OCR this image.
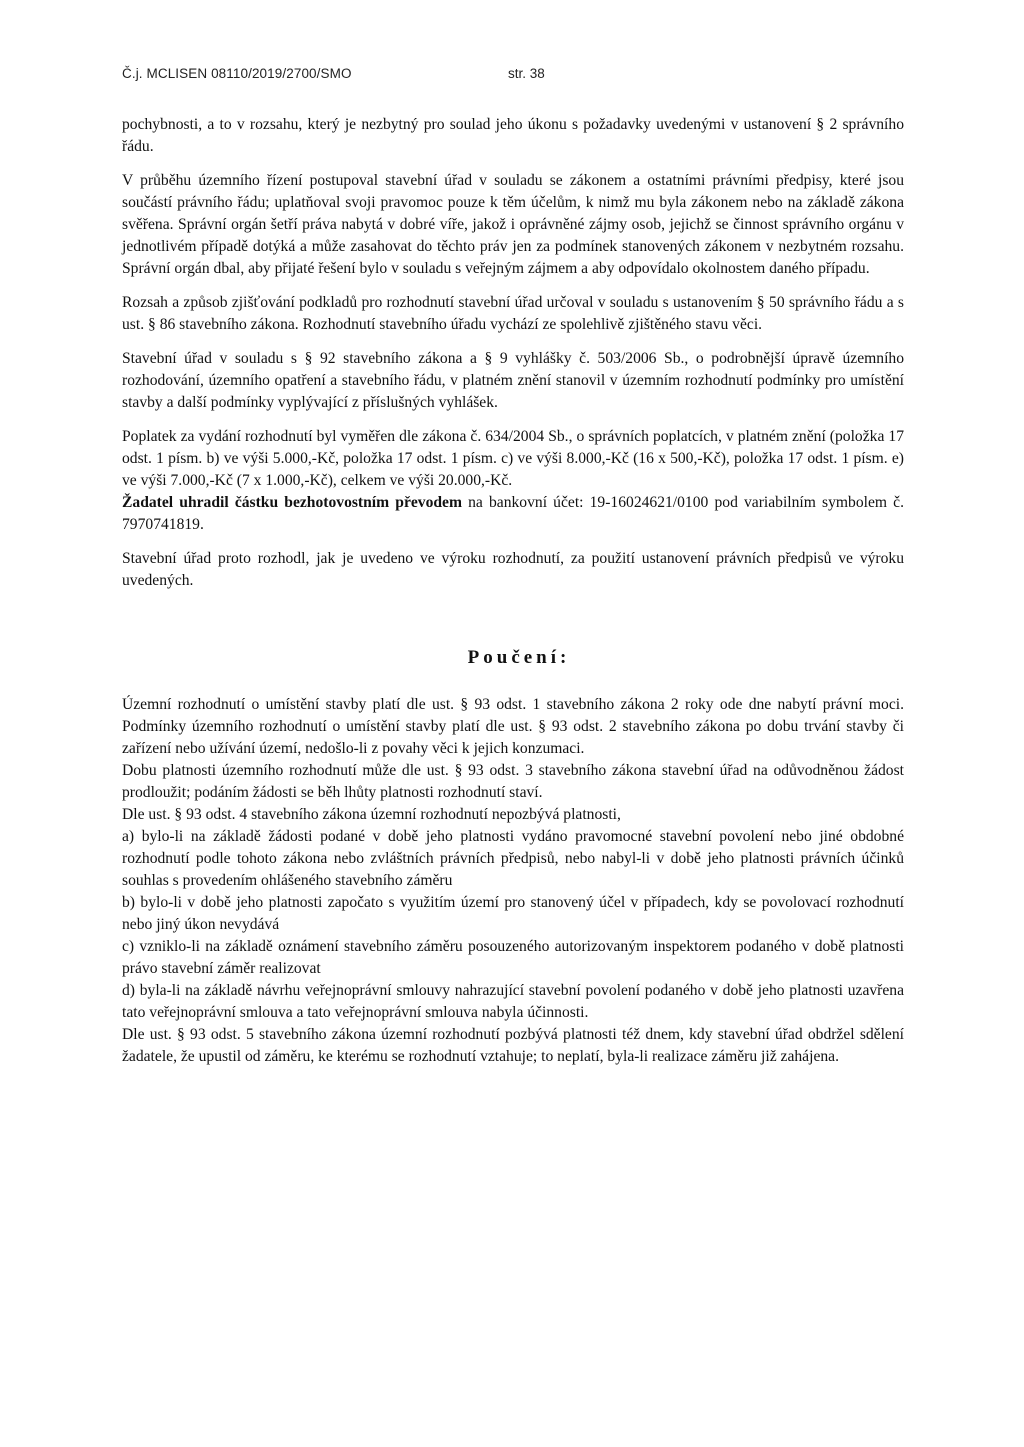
Č.j. MCLISEN 08110/2019/2700/SMO	str. 38

pochybnosti, a to v rozsahu, který je nezbytný pro soulad jeho úkonu s požadavky uvedenými v ustanovení § 2 správního řádu.

V průběhu územního řízení postupoval stavební úřad v souladu se zákonem a ostatními právními předpisy, které jsou součástí právního řádu; uplatňoval svoji pravomoc pouze k těm účelům, k nimž mu byla zákonem nebo na základě zákona svěřena. Správní orgán šetří práva nabytá v dobré víře, jakož i oprávněné zájmy osob, jejichž se činnost správního orgánu v jednotlivém případě dotýká a může zasahovat do těchto práv jen za podmínek stanovených zákonem v nezbytném rozsahu. Správní orgán dbal, aby přijaté řešení bylo v souladu s veřejným zájmem a aby odpovídalo okolnostem daného případu.

Rozsah a způsob zjišťování podkladů pro rozhodnutí stavební úřad určoval v souladu s ustanovením § 50 správního řádu a s ust. § 86 stavebního zákona. Rozhodnutí stavebního úřadu vychází ze spolehlivě zjištěného stavu věci.

Stavební úřad v souladu s § 92 stavebního zákona a § 9 vyhlášky č. 503/2006 Sb., o podrobnější úpravě územního rozhodování, územního opatření a stavebního řádu, v platném znění stanovil v územním rozhodnutí podmínky pro umístění stavby a další podmínky vyplývající z příslušných vyhlášek.

Poplatek za vydání rozhodnutí byl vyměřen dle zákona č. 634/2004 Sb., o správních poplatcích, v platném znění (položka 17 odst. 1 písm. b) ve výši 5.000,-Kč, položka 17 odst. 1 písm. c) ve výši 8.000,-Kč (16 x 500,-Kč), položka 17 odst. 1 písm. e) ve výši 7.000,-Kč (7 x 1.000,-Kč), celkem ve výši 20.000,-Kč.

Žadatel uhradil částku bezhotovostním převodem na bankovní účet: 19-16024621/0100 pod variabilním symbolem č. 7970741819.

Stavební úřad proto rozhodl, jak je uvedeno ve výroku rozhodnutí, za použití ustanovení právních předpisů ve výroku uvedených.

Poučení:

Územní rozhodnutí o umístění stavby platí dle ust. § 93 odst. 1 stavebního zákona 2 roky ode dne nabytí právní moci. Podmínky územního rozhodnutí o umístění stavby platí dle ust. § 93 odst. 2 stavebního zákona po dobu trvání stavby či zařízení nebo užívání území, nedošlo-li z povahy věci k jejich konzumaci.

Dobu platnosti územního rozhodnutí může dle ust. § 93 odst. 3 stavebního zákona stavební úřad na odůvodněnou žádost prodloužit; podáním žádosti se běh lhůty platnosti rozhodnutí staví.

Dle ust. § 93 odst. 4 stavebního zákona územní rozhodnutí nepozbývá platnosti,

a) bylo-li na základě žádosti podané v době jeho platnosti vydáno pravomocné stavební povolení nebo jiné obdobné rozhodnutí podle tohoto zákona nebo zvláštních právních předpisů, nebo nabyl-li v době jeho platnosti právních účinků souhlas s provedením ohlášeného stavebního záměru

b) bylo-li v době jeho platnosti započato s využitím území pro stanovený účel v případech, kdy se povolovací rozhodnutí nebo jiný úkon nevydává

c) vzniklo-li na základě oznámení stavebního záměru posouzeného autorizovaným inspektorem podaného v době platnosti právo stavební záměr realizovat

d) byla-li na základě návrhu veřejnoprávní smlouvy nahrazující stavební povolení podaného v době jeho platnosti uzavřena tato veřejnoprávní smlouva a tato veřejnoprávní smlouva nabyla účinnosti.

Dle ust. § 93 odst. 5 stavebního zákona územní rozhodnutí pozbývá platnosti též dnem, kdy stavební úřad obdržel sdělení žadatele, že upustil od záměru, ke kterému se rozhodnutí vztahuje; to neplatí, byla-li realizace záměru již zahájena.
